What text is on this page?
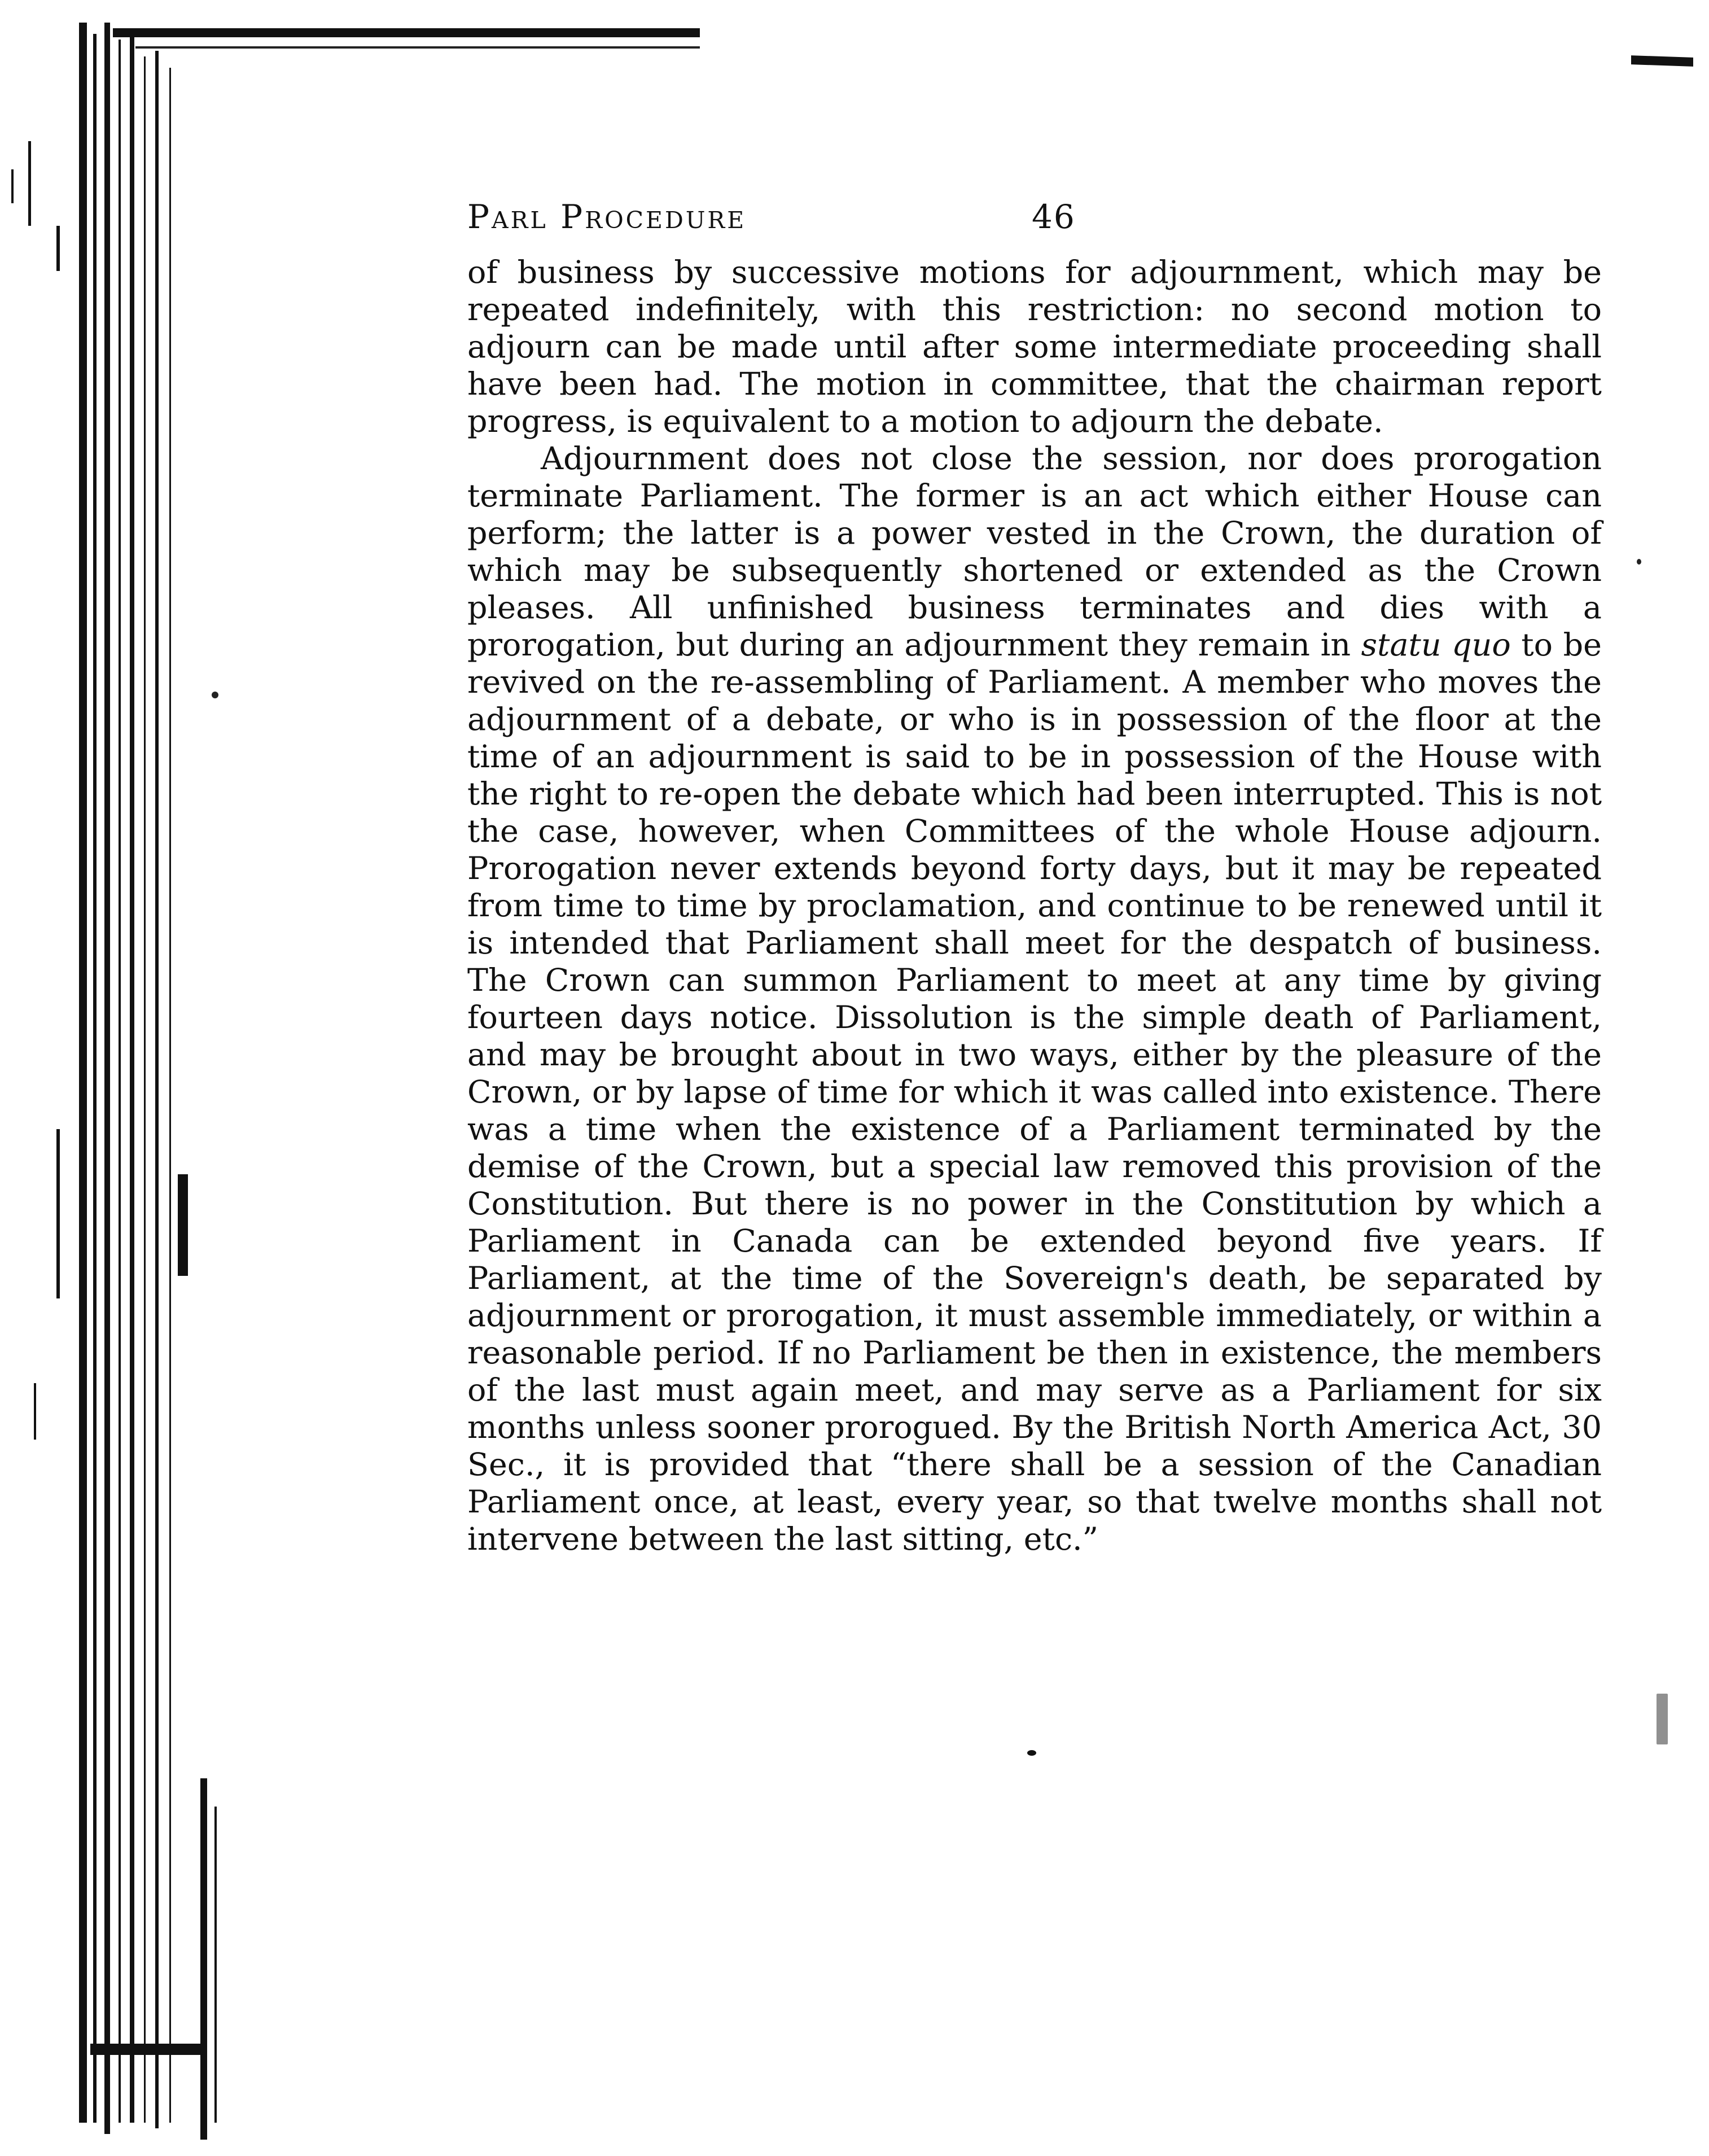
Parl Procedure	46

of business by successive motions for adjournment, which may be repeated indefinitely, with this restriction: no second motion to adjourn can be made until after some intermediate proceeding shall have been had. The motion in committee, that the chairman report progress, is equivalent to a motion to adjourn the debate.

Adjournment does not close the session, nor does prorogation terminate Parliament. The former is an act which either House can perform; the latter is a power vested in the Crown, the duration of which may be subsequently shortened or extended as the Crown pleases. All unfinished business terminates and dies with a prorogation, but during an adjournment they remain in statu quo to be revived on the re-assembling of Parliament. A member who moves the adjournment of a debate, or who is in possession of the floor at the time of an adjournment is said to be in possession of the House with the right to re-open the debate which had been interrupted. This is not the case, however, when Committees of the whole House adjourn. Prorogation never extends beyond forty days, but it may be repeated from time to time by proclamation, and continue to be renewed until it is intended that Parliament shall meet for the despatch of business. The Crown can summon Parliament to meet at any time by giving fourteen days notice. Dissolution is the simple death of Parliament, and may be brought about in two ways, either by the pleasure of the Crown, or by lapse of time for which it was called into existence. There was a time when the existence of a Parliament terminated by the demise of the Crown, but a special law removed this provision of the Constitution. But there is no power in the Constitution by which a Parliament in Canada can be extended beyond five years. If Parliament, at the time of the Sovereign's death, be separated by adjournment or prorogation, it must assemble immediately, or within a reasonable period. If no Parliament be then in existence, the members of the last must again meet, and may serve as a Parliament for six months unless sooner prorogued. By the British North America Act, 30 Sec., it is provided that “there shall be a session of the Canadian Parliament once, at least, every year, so that twelve months shall not intervene between the last sitting, etc.”
